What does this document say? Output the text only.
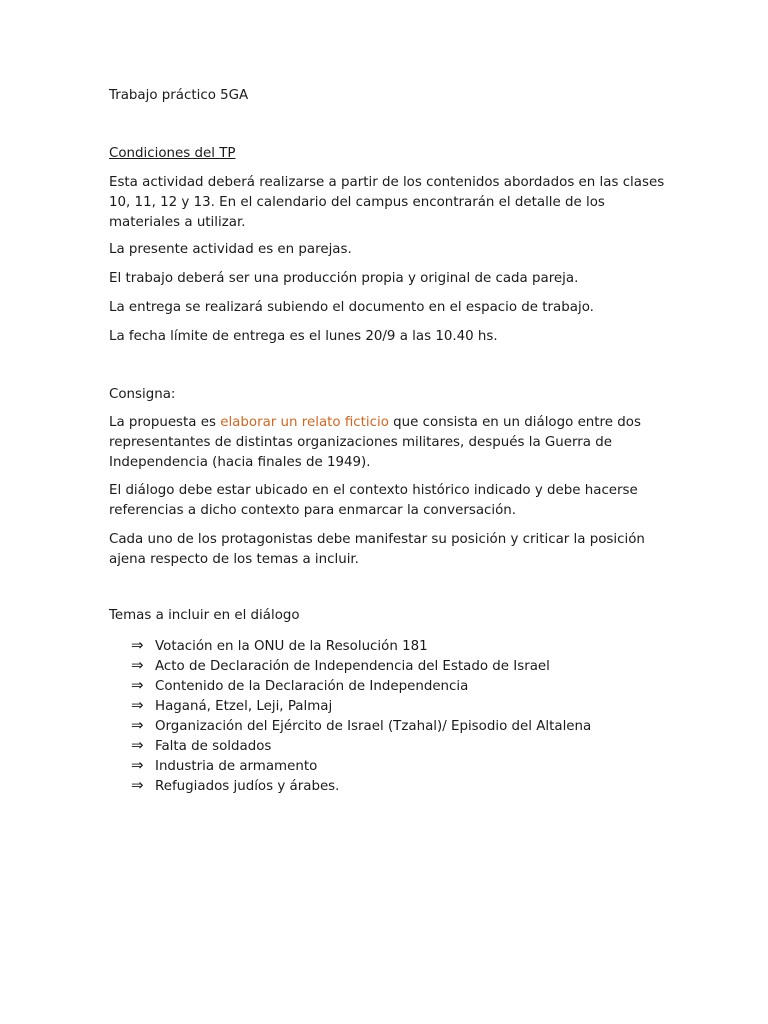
Trabajo práctico 5GA

Condiciones del TP

Esta actividad deberá realizarse a partir de los contenidos abordados en las clases 10, 11, 12 y 13. En el calendario del campus encontrarán el detalle de los materiales a utilizar.

La presente actividad es en parejas.

El trabajo deberá ser una producción propia y original de cada pareja.

La entrega se realizará subiendo el documento en el espacio de trabajo.

La fecha límite de entrega es el lunes 20/9 a las 10.40 hs.

Consigna:

La propuesta es elaborar un relato ficticio que consista en un diálogo entre dos representantes de distintas organizaciones militares, después la Guerra de Independencia (hacia finales de 1949).

El diálogo debe estar ubicado en el contexto histórico indicado y debe hacerse referencias a dicho contexto para enmarcar la conversación.

Cada uno de los protagonistas debe manifestar su posición y criticar la posición ajena respecto de los temas a incluir.

Temas a incluir en el diálogo

⇒ Votación en la ONU de la Resolución 181
⇒ Acto de Declaración de Independencia del Estado de Israel
⇒ Contenido de la Declaración de Independencia
⇒ Haganá, Etzel, Leji, Palmaj
⇒ Organización del Ejército de Israel (Tzahal)/ Episodio del Altalena
⇒ Falta de soldados
⇒ Industria de armamento
⇒ Refugiados judíos y árabes.
